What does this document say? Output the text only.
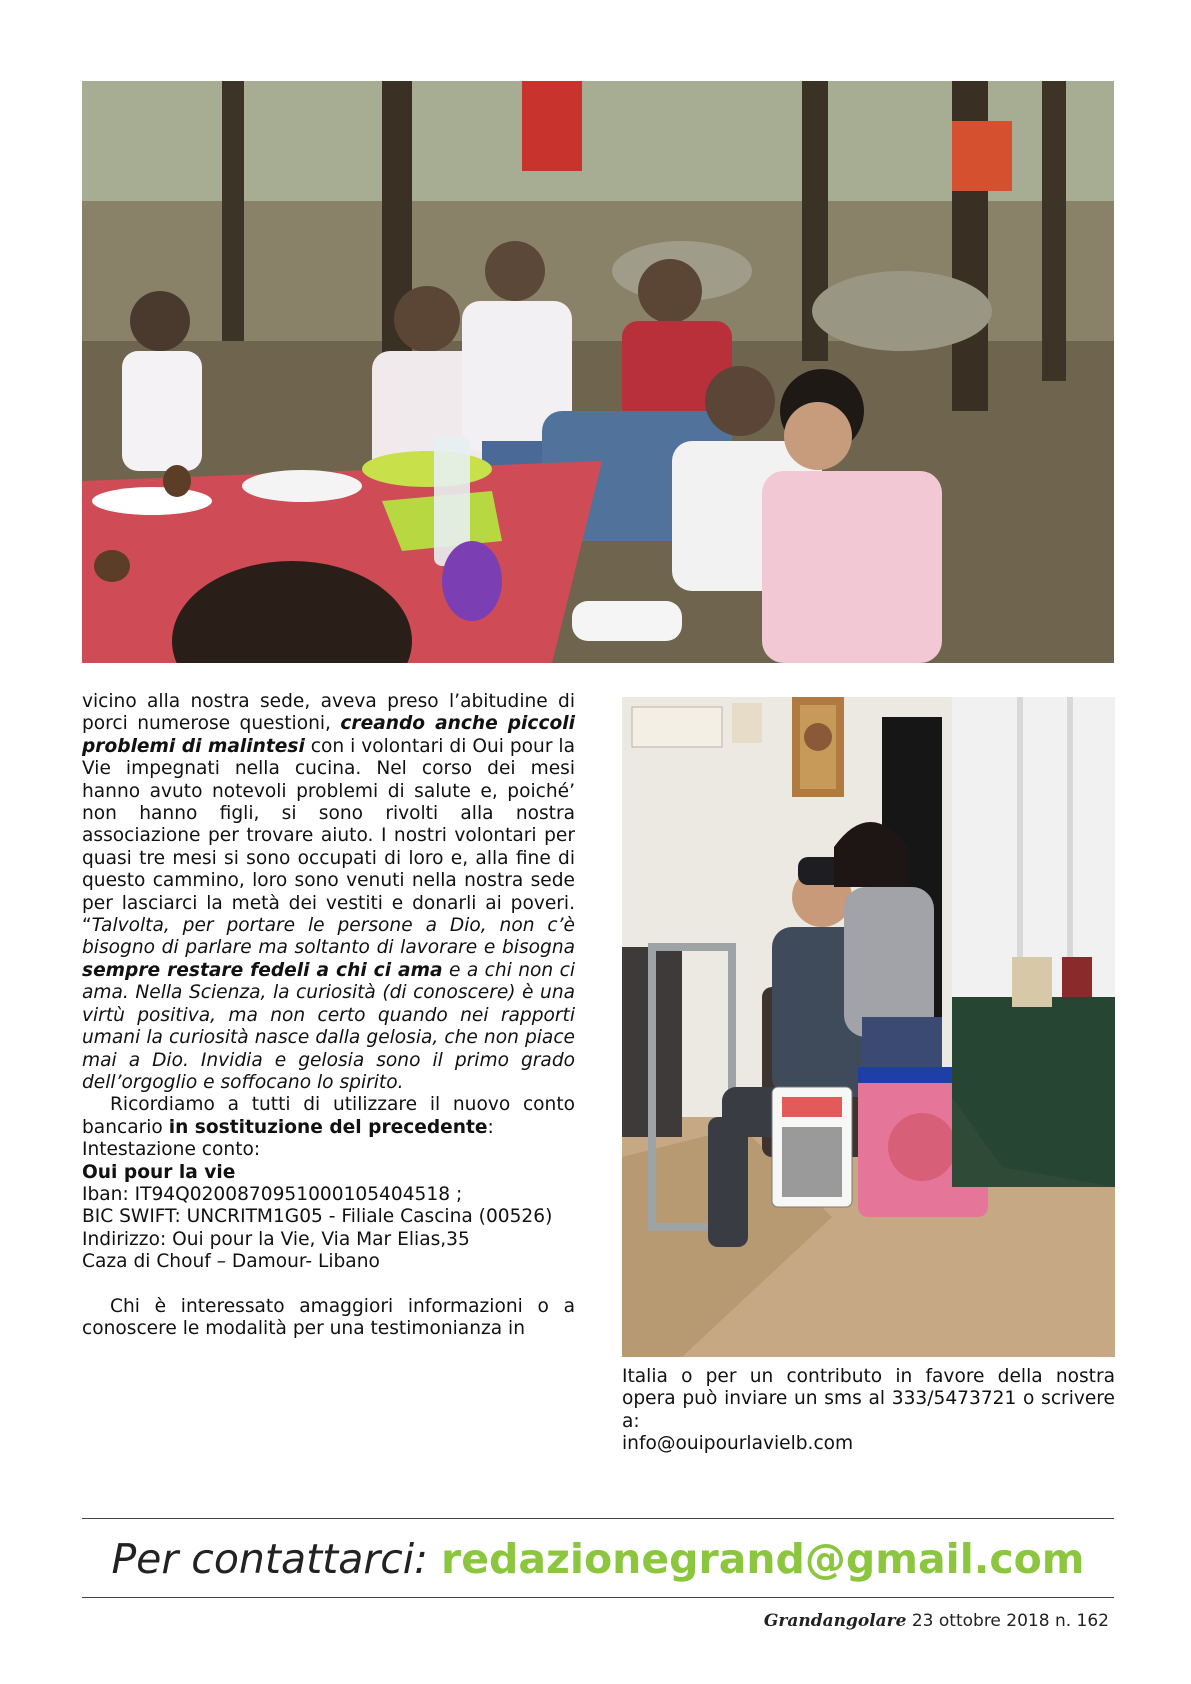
vicino alla nostra sede, aveva preso l’abitudine di porci numerose questioni, creando anche piccoli problemi di malintesi con i volontari di Oui pour la Vie impegnati nella cucina. Nel corso dei mesi hanno avuto notevoli problemi di salute e, poiché’ non hanno figli, si sono rivolti alla nostra associazione per trovare aiuto. I nostri volontari per quasi tre mesi si sono occupati di loro e, alla fine di questo cammino, loro sono venuti nella nostra sede per lasciarci la metà dei vestiti e donarli ai poveri. “Talvolta, per portare le persone a Dio, non c’è bisogno di parlare ma soltanto di lavorare e bisogna sempre restare fedeli a chi ci ama e a chi non ci ama. Nella Scienza, la curiosità (di conoscere) è una virtù positiva, ma non certo quando nei rapporti umani la curiosità nasce dalla gelosia, che non piace mai a Dio. Invidia e gelosia sono il primo grado dell’orgoglio e soffocano lo spirito.

Ricordiamo a tutti di utilizzare il nuovo conto bancario in sostituzione del precedente:

Intestazione conto:

Oui pour la vie

Iban: IT94Q0200870951000105404518 ;

BIC SWIFT: UNCRITM1G05 - Filiale Cascina (00526)

Indirizzo: Oui pour la Vie, Via Mar Elias,35

Caza di Chouf – Damour- Libano

Chi è interessato amaggiori informazioni o a conoscere le modalità per una testimonianza in

Italia o per un contributo in favore della nostra opera può inviare un sms al 333/5473721 o scrivere a:

info@ouipourlavielb.com

Per contattarci: redazionegrand@gmail.com
Grandangolare 23 ottobre 2018 n. 162
